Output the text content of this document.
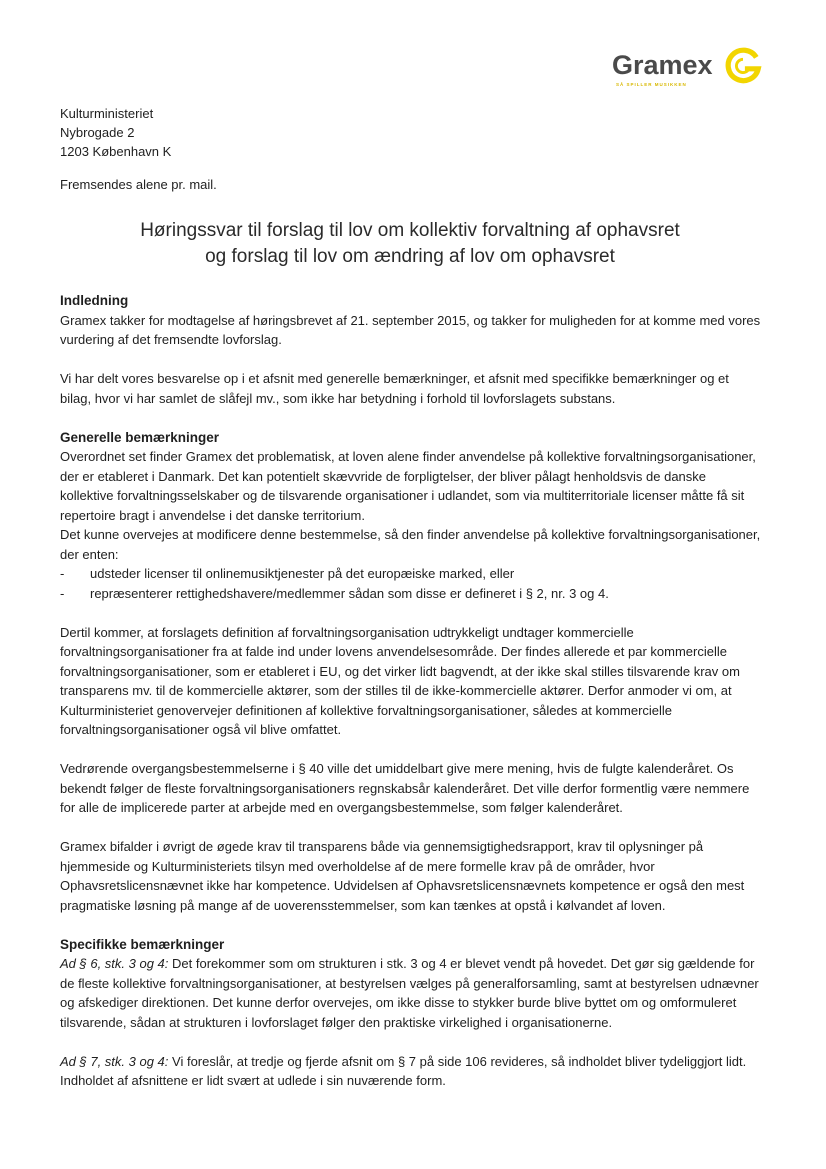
Gramex
SÅ SPILLER MUSIKKEN
Kulturministeriet
Nybrogade 2
1203 København K
Fremsendes alene pr. mail.
Høringssvar til forslag til lov om kollektiv forvaltning af ophavsret
og forslag til lov om ændring af lov om ophavsret
Indledning

Gramex takker for modtagelse af høringsbrevet af 21. september 2015, og takker for muligheden for at komme med vores vurdering af det fremsendte lovforslag.

Vi har delt vores besvarelse op i et afsnit med generelle bemærkninger, et afsnit med specifikke bemærkninger og et bilag, hvor vi har samlet de slåfejl mv., som ikke har betydning i forhold til lovforslagets substans.

Generelle bemærkninger

Overordnet set finder Gramex det problematisk, at loven alene finder anvendelse på kollektive forvaltningsorganisationer, der er etableret i Danmark. Det kan potentielt skævvride de forpligtelser, der bliver pålagt henholdsvis de danske kollektive forvaltningsselskaber og de tilsvarende organisationer i udlandet, som via multiterritoriale licenser måtte få sit repertoire bragt i anvendelse i det danske territorium.

Det kunne overvejes at modificere denne bestemmelse, så den finder anvendelse på kollektive forvaltningsorganisationer, der enten:

- udsteder licenser til onlinemusiktjenester på det europæiske marked, eller
- repræsenterer rettighedshavere/medlemmer sådan som disse er defineret i § 2, nr. 3 og 4.

Dertil kommer, at forslagets definition af forvaltningsorganisation udtrykkeligt undtager kommercielle forvaltningsorganisationer fra at falde ind under lovens anvendelsesområde. Der findes allerede et par kommercielle forvaltningsorganisationer, som er etableret i EU, og det virker lidt bagvendt, at der ikke skal stilles tilsvarende krav om transparens mv. til de kommercielle aktører, som der stilles til de ikke-kommercielle aktører. Derfor anmoder vi om, at Kulturministeriet genovervejer definitionen af kollektive forvaltningsorganisationer, således at kommercielle forvaltningsorganisationer også vil blive omfattet.

Vedrørende overgangsbestemmelserne i § 40 ville det umiddelbart give mere mening, hvis de fulgte kalenderåret. Os bekendt følger de fleste forvaltningsorganisationers regnskabsår kalenderåret. Det ville derfor formentlig være nemmere for alle de implicerede parter at arbejde med en overgangsbestemmelse, som følger kalenderåret.

Gramex bifalder i øvrigt de øgede krav til transparens både via gennemsigtighedsrapport, krav til oplysninger på hjemmeside og Kulturministeriets tilsyn med overholdelse af de mere formelle krav på de områder, hvor Ophavsretslicensnævnet ikke har kompetence. Udvidelsen af Ophavsretslicensnævnets kompetence er også den mest pragmatiske løsning på mange af de uoverensstemmelser, som kan tænkes at opstå i kølvandet af loven.

Specifikke bemærkninger

Ad § 6, stk. 3 og 4: Det forekommer som om strukturen i stk. 3 og 4 er blevet vendt på hovedet. Det gør sig gældende for de fleste kollektive forvaltningsorganisationer, at bestyrelsen vælges på generalforsamling, samt at bestyrelsen udnævner og afskediger direktionen. Det kunne derfor overvejes, om ikke disse to stykker burde blive byttet om og omformuleret tilsvarende, sådan at strukturen i lovforslaget følger den praktiske virkelighed i organisationerne.

Ad § 7, stk. 3 og 4: Vi foreslår, at tredje og fjerde afsnit om § 7 på side 106 revideres, så indholdet bliver tydeliggjort lidt. Indholdet af afsnittene er lidt svært at udlede i sin nuværende form.
